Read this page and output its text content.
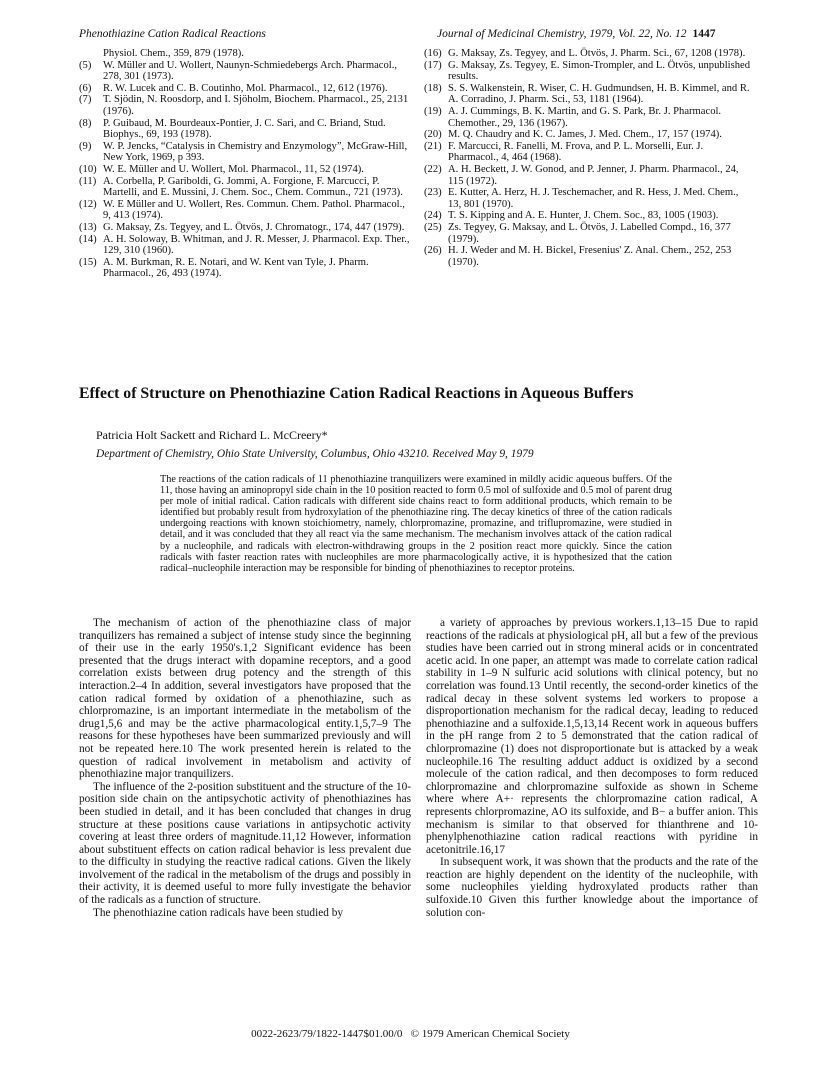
Phenothiazine Cation Radical Reactions	Journal of Medicinal Chemistry, 1979, Vol. 22, No. 12 1447
Physiol. Chem., 359, 879 (1978).
(5)	W. Müller and U. Wollert, Naunyn-Schmiedebergs Arch. Pharmacol., 278, 301 (1973).
(6)	R. W. Lucek and C. B. Coutinho, Mol. Pharmacol., 12, 612 (1976).
(7)	T. Sjödin, N. Roosdorp, and I. Sjöholm, Biochem. Pharmacol., 25, 2131 (1976).
(8)	P. Guibaud, M. Bourdeaux-Pontier, J. C. Sari, and C. Briand, Stud. Biophys., 69, 193 (1978).
(9)	W. P. Jencks, “Catalysis in Chemistry and Enzymology”, McGraw-Hill, New York, 1969, p 393.
(10) W. E. Müller and U. Wollert, Mol. Pharmacol., 11, 52 (1974).
(11) A. Corbella, P. Gariboldi, G. Jommi, A. Forgione, F. Marcucci, P. Martelli, and E. Mussini, J. Chem. Soc., Chem. Commun., 721 (1973).
(12) W. E Müller and U. Wollert, Res. Commun. Chem. Pathol. Pharmacol., 9, 413 (1974).
(13) G. Maksay, Zs. Tegyey, and L. Ötvös, J. Chromatogr., 174, 447 (1979).
(14) A. H. Soloway, B. Whitman, and J. R. Messer, J. Pharmacol. Exp. Ther., 129, 310 (1960).
(15) A. M. Burkman, R. E. Notari, and W. Kent van Tyle, J. Pharm. Pharmacol., 26, 493 (1974).
(16) G. Maksay, Zs. Tegyey, and L. Ötvös, J. Pharm. Sci., 67, 1208 (1978).
(17) G. Maksay, Zs. Tegyey, E. Simon-Trompler, and L. Ötvös, unpublished results.
(18) S. S. Walkenstein, R. Wiser, C. H. Gudmundsen, H. B. Kimmel, and R. A. Corradino, J. Pharm. Sci., 53, 1181 (1964).
(19) A. J. Cummings, B. K. Martin, and G. S. Park, Br. J. Pharmacol. Chemother., 29, 136 (1967).
(20) M. Q. Chaudry and K. C. James, J. Med. Chem., 17, 157 (1974).
(21) F. Marcucci, R. Fanelli, M. Frova, and P. L. Morselli, Eur. J. Pharmacol., 4, 464 (1968).
(22) A. H. Beckett, J. W. Gonod, and P. Jenner, J. Pharm. Pharmacol., 24, 115 (1972).
(23) E. Kutter, A. Herz, H. J. Teschemacher, and R. Hess, J. Med. Chem., 13, 801 (1970).
(24) T. S. Kipping and A. E. Hunter, J. Chem. Soc., 83, 1005 (1903).
(25) Zs. Tegyey, G. Maksay, and L. Ötvös, J. Labelled Compd., 16, 377 (1979).
(26) H. J. Weder and M. H. Bickel, Fresenius' Z. Anal. Chem., 252, 253 (1970).
Effect of Structure on Phenothiazine Cation Radical Reactions in Aqueous Buffers
Patricia Holt Sackett and Richard L. McCreery*
Department of Chemistry, Ohio State University, Columbus, Ohio 43210. Received May 9, 1979
The reactions of the cation radicals of 11 phenothiazine tranquilizers were examined in mildly acidic aqueous buffers. Of the 11, those having an aminopropyl side chain in the 10 position reacted to form 0.5 mol of sulfoxide and 0.5 mol of parent drug per mole of initial radical. Cation radicals with different side chains react to form additional products, which remain to be identified but probably result from hydroxylation of the phenothiazine ring. The decay kinetics of three of the cation radicals undergoing reactions with known stoichiometry, namely, chlorpromazine, promazine, and triflupromazine, were studied in detail, and it was concluded that they all react via the same mechanism. The mechanism involves attack of the cation radical by a nucleophile, and radicals with electron-withdrawing groups in the 2 position react more quickly. Since the cation radicals with faster reaction rates with nucleophiles are more pharmacologically active, it is hypothesized that the cation radical–nucleophile interaction may be responsible for binding of phenothiazines to receptor proteins.

The mechanism of action of the phenothiazine class of major tranquilizers has remained a subject of intense study since the beginning of their use in the early 1950's.1,2 Significant evidence has been presented that the drugs interact with dopamine receptors, and a good correlation exists between drug potency and the strength of this interaction.2–4 In addition, several investigators have proposed that the cation radical formed by oxidation of a phenothiazine, such as chlorpromazine, is an important intermediate in the metabolism of the drug1,5,6 and may be the active pharmacological entity.1,5,7–9 The reasons for these hypotheses have been summarized previously and will not be repeated here.10 The work presented herein is related to the question of radical involvement in metabolism and activity of phenothiazine major tranquilizers.

The influence of the 2-position substituent and the structure of the 10-position side chain on the antipsychotic activity of phenothiazines has been studied in detail, and it has been concluded that changes in drug structure at these positions cause variations in antipsychotic activity covering at least three orders of magnitude.11,12 However, information about substituent effects on cation radical behavior is less prevalent due to the difficulty in studying the reactive radical cations. Given the likely involvement of the radical in the metabolism of the drugs and possibly in their activity, it is deemed useful to more fully investigate the behavior of the radicals as a function of structure.

The phenothiazine cation radicals have been studied by

a variety of approaches by previous workers.1,13–15 Due to rapid reactions of the radicals at physiological pH, all but a few of the previous studies have been carried out in strong mineral acids or in concentrated acetic acid. In one paper, an attempt was made to correlate cation radical stability in 1–9 N sulfuric acid solutions with clinical potency, but no correlation was found.13 Until recently, the second-order kinetics of the radical decay in these solvent systems led workers to propose a disproportionation mechanism for the radical decay, leading to reduced phenothiazine and a sulfoxide.1,5,13,14 Recent work in aqueous buffers in the pH range from 2 to 5 demonstrated that the cation radical of chlorpromazine (1) does not disproportionate but is attacked by a weak nucleophile.16 The resulting adduct adduct is oxidized by a second molecule of the cation radical, and then decomposes to form reduced chlorpromazine and chlorpromazine sulfoxide as shown in Scheme where where A+· represents the chlorpromazine cation radical, A represents chlorpromazine, AO its sulfoxide, and B− a buffer anion. This mechanism is similar to that observed for thianthrene and 10-phenylphenothiazine cation radical reactions with pyridine in acetonitrile.16,17

In subsequent work, it was shown that the products and the rate of the reaction are highly dependent on the identity of the nucleophile, with some nucleophiles yielding hydroxylated products rather than sulfoxide.10 Given this further knowledge about the importance of solution con-

0022-2623/79/1822-1447$01.00/0   © 1979 American Chemical Society
